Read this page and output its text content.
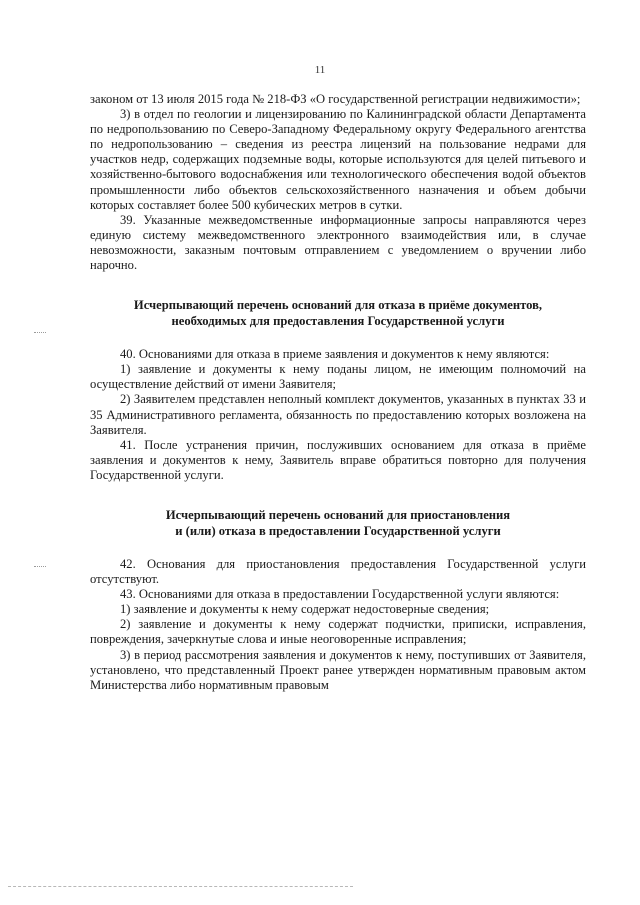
11

законом от 13 июля 2015 года № 218-ФЗ «О государственной регистрации недвижимости»;

3) в отдел по геологии и лицензированию по Калининградской области Департамента по недропользованию по Северо-Западному Федеральному округу Федерального агентства по недропользованию – сведения из реестра лицензий на пользование недрами для участков недр, содержащих подземные воды, которые используются для целей питьевого и хозяйственно-бытового водоснабжения или технологического обеспечения водой объектов промышленности либо объектов сельскохозяйственного назначения и объем добычи которых составляет более 500 кубических метров в сутки.

39. Указанные межведомственные информационные запросы направляются через единую систему межведомственного электронного взаимодействия или, в случае невозможности, заказным почтовым отправлением с уведомлением о вручении либо нарочно.

Исчерпывающий перечень оснований для отказа в приёме документов,

необходимых для предоставления Государственной услуги

40. Основаниями для отказа в приеме заявления и документов к нему являются:

1) заявление и документы к нему поданы лицом, не имеющим полномочий на осуществление действий от имени Заявителя;

2) Заявителем представлен неполный комплект документов, указанных в пунктах 33 и 35 Административного регламента, обязанность по предоставлению которых возложена на Заявителя.

41. После устранения причин, послуживших основанием для отказа в приёме заявления и документов к нему, Заявитель вправе обратиться повторно для получения Государственной услуги.

Исчерпывающий перечень оснований для приостановления

и (или) отказа в предоставлении Государственной услуги

42. Основания для приостановления предоставления Государственной услуги отсутствуют.

43. Основаниями для отказа в предоставлении Государственной услуги являются:

1) заявление и документы к нему содержат недостоверные сведения;

2) заявление и документы к нему содержат подчистки, приписки, исправления, повреждения, зачеркнутые слова и иные неоговоренные исправления;

3) в период рассмотрения заявления и документов к нему, поступивших от Заявителя, установлено, что представленный Проект ранее утвержден нормативным правовым актом Министерства либо нормативным правовым
